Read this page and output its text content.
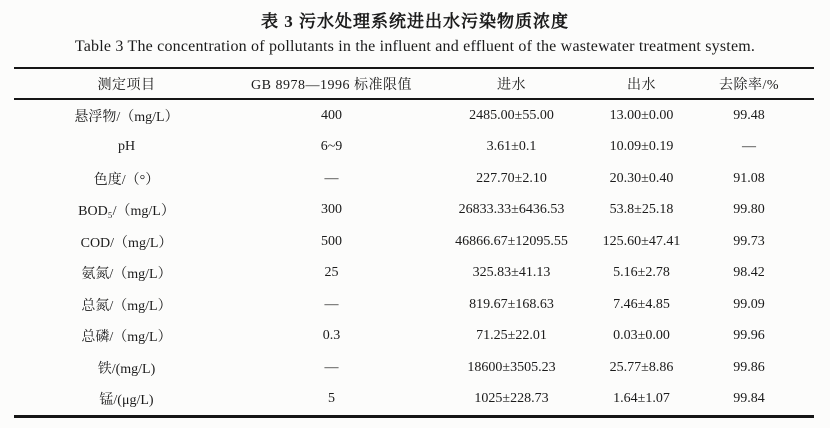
表 3 污水处理系统进出水污染物质浓度
Table 3 The concentration of pollutants in the influent and effluent of the wastewater treatment system.
测定项目	GB 8978—1996 标准限值	进水	出水	去除率/%
悬浮物/（mg/L）	400	2485.00±55.00	13.00±0.00	99.48
pH	6~9	3.61±0.1	10.09±0.19	—
色度/（°）	—	227.70±2.10	20.30±0.40	91.08
BOD₅/（mg/L）	300	26833.33±6436.53	53.8±25.18	99.80
COD/（mg/L）	500	46866.67±12095.55	125.60±47.41	99.73
氨氮/（mg/L）	25	325.83±41.13	5.16±2.78	98.42
总氮/（mg/L）	—	819.67±168.63	7.46±4.85	99.09
总磷/（mg/L）	0.3	71.25±22.01	0.03±0.00	99.96
铁/(mg/L)	—	18600±3505.23	25.77±8.86	99.86
锰/(μg/L)	5	1025±228.73	1.64±1.07	99.84
